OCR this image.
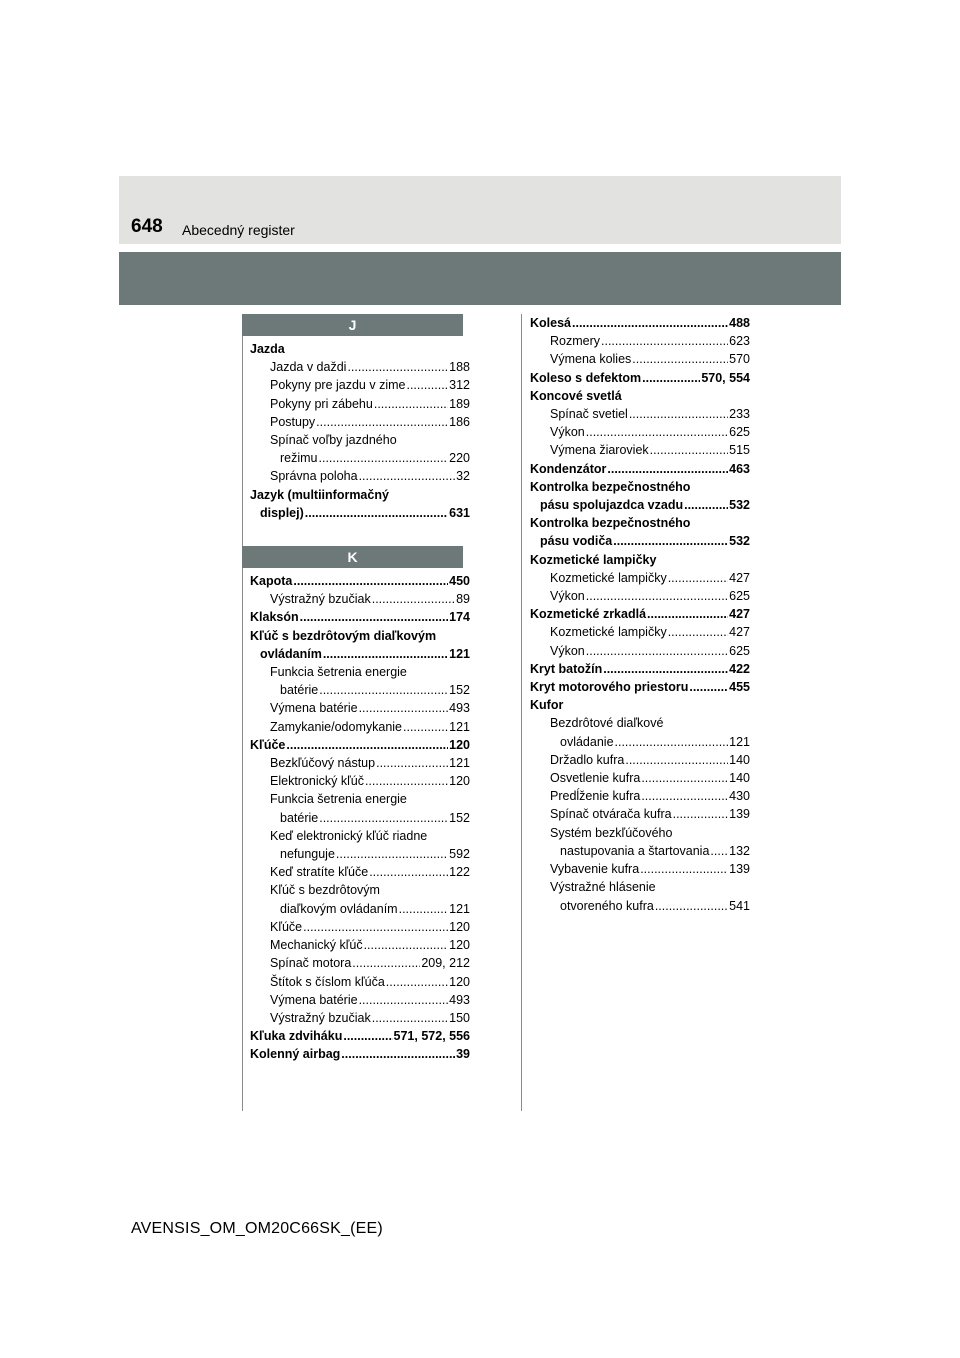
648 Abecedný register
J
Jazda
Jazda v daždi .....	188
Pokyny pre jazdu v zime .....	312
Pokyny pri zábehu .....	189
Postupy .....	186
Spínač voľby jazdného
režimu .....	220
Správna poloha .....	32
Jazyk (multiinformačný
displej) .....	631
K
Kapota .....	450
Výstražný bzučiak .....	89
Klaksón .....	174
Kľúč s bezdrôtovým diaľkovým
ovládaním .....	121
Funkcia šetrenia energie
batérie .....	152
Výmena batérie .....	493
Zamykanie/odomykanie .....	121
Kľúče .....	120
Bezkľúčový nástup .....	121
Elektronický kľúč .....	120
Funkcia šetrenia energie
batérie .....	152
Keď elektronický kľúč riadne
nefunguje .....	592
Keď stratíte kľúče .....	122
Kľúč s bezdrôtovým
diaľkovým ovládaním .....	121
Kľúče .....	120
Mechanický kľúč .....	120
Spínač motora .....	209, 212
Štítok s číslom kľúča .....	120
Výmena batérie .....	493
Výstražný bzučiak .....	150
Kľuka zdviháku .....	571, 572, 556
Kolenný airbag .....	39
Kolesá .....	488
Rozmery .....	623
Výmena kolies .....	570
Koleso s defektom .....	570, 554
Koncové svetlá
Spínač svetiel .....	233
Výkon .....	625
Výmena žiaroviek .....	515
Kondenzátor .....	463
Kontrolka bezpečnostného
pásu spolujazdca vzadu .....	532
Kontrolka bezpečnostného
pásu vodiča .....	532
Kozmetické lampičky
Kozmetické lampičky .....	427
Výkon .....	625
Kozmetické zrkadlá .....	427
Kozmetické lampičky .....	427
Výkon .....	625
Kryt batožín .....	422
Kryt motorového priestoru .....	455
Kufor
Bezdrôtové diaľkové
ovládanie .....	121
Držadlo kufra .....	140
Osvetlenie kufra .....	140
Predĺženie kufra .....	430
Spínač otvárača kufra .....	139
Systém bezkľúčového
nastupovania a štartovania ..... 132
Vybavenie kufra .....	139
Výstražné hlásenie
otvoreného kufra .....	541
AVENSIS_OM_OM20C66SK_(EE)
